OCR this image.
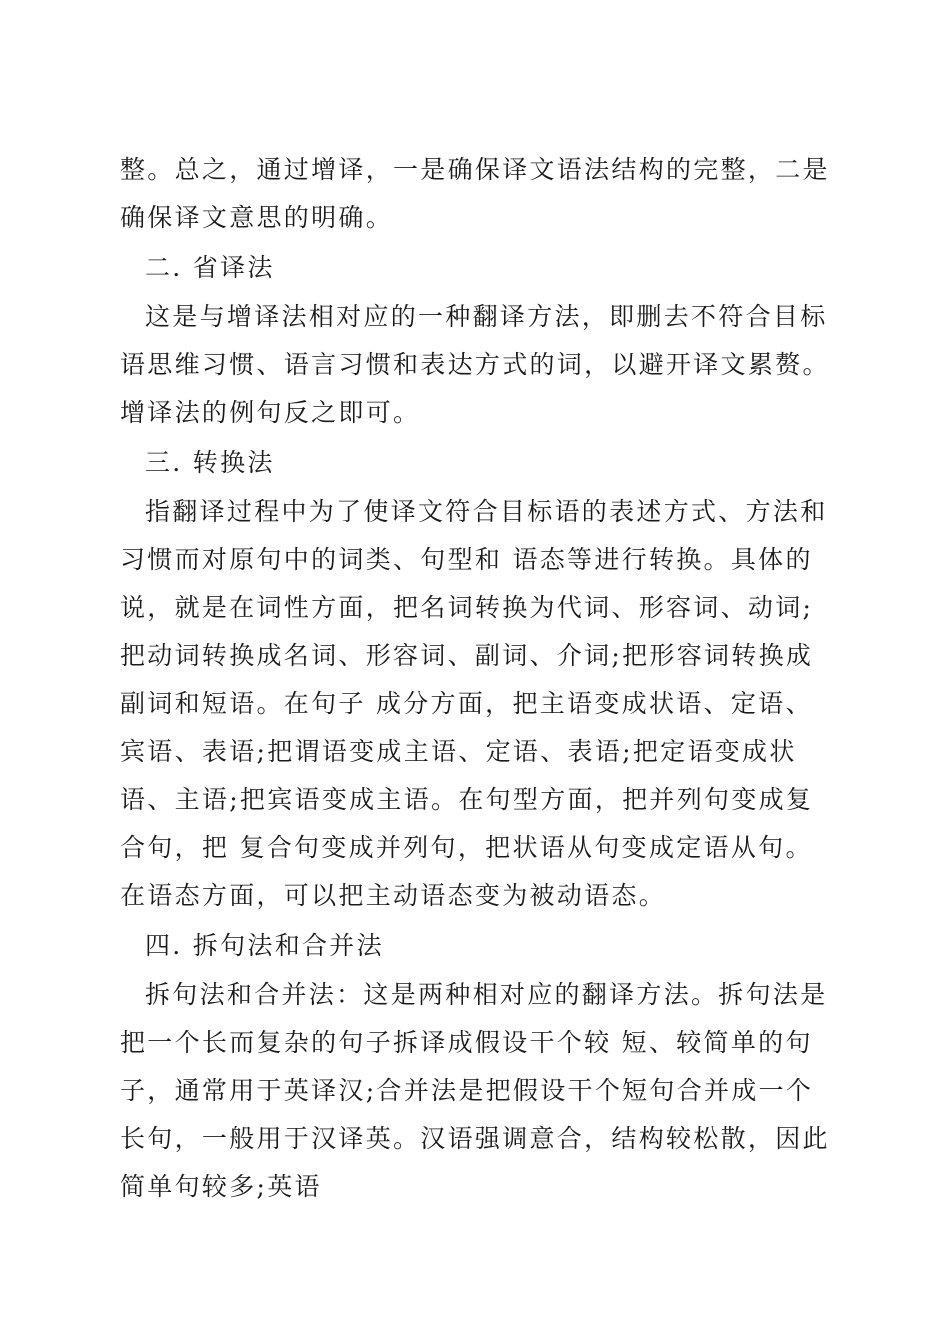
整。总之，通过增译，一是确保译文语法结构的完整，二是确保译文意思的明确。

二. 省译法

这是与增译法相对应的一种翻译方法，即删去不符合目标语思维习惯、语言习惯和表达方式的词，以避开译文累赘。增译法的例句反之即可。

三. 转换法

指翻译过程中为了使译文符合目标语的表述方式、方法和习惯而对原句中的词类、句型和 语态等进行转换。具体的说，就是在词性方面，把名词转换为代词、形容词、动词;把动词转换成名词、形容词、副词、介词;把形容词转换成副词和短语。在句子 成分方面，把主语变成状语、定语、宾语、表语;把谓语变成主语、定语、表语;把定语变成状语、主语;把宾语变成主语。在句型方面，把并列句变成复合句，把 复合句变成并列句，把状语从句变成定语从句。在语态方面，可以把主动语态变为被动语态。

四. 拆句法和合并法

拆句法和合并法：这是两种相对应的翻译方法。拆句法是把一个长而复杂的句子拆译成假设干个较 短、较简单的句子，通常用于英译汉;合并法是把假设干个短句合并成一个长句，一般用于汉译英。汉语强调意合，结构较松散，因此简单句较多;英语
